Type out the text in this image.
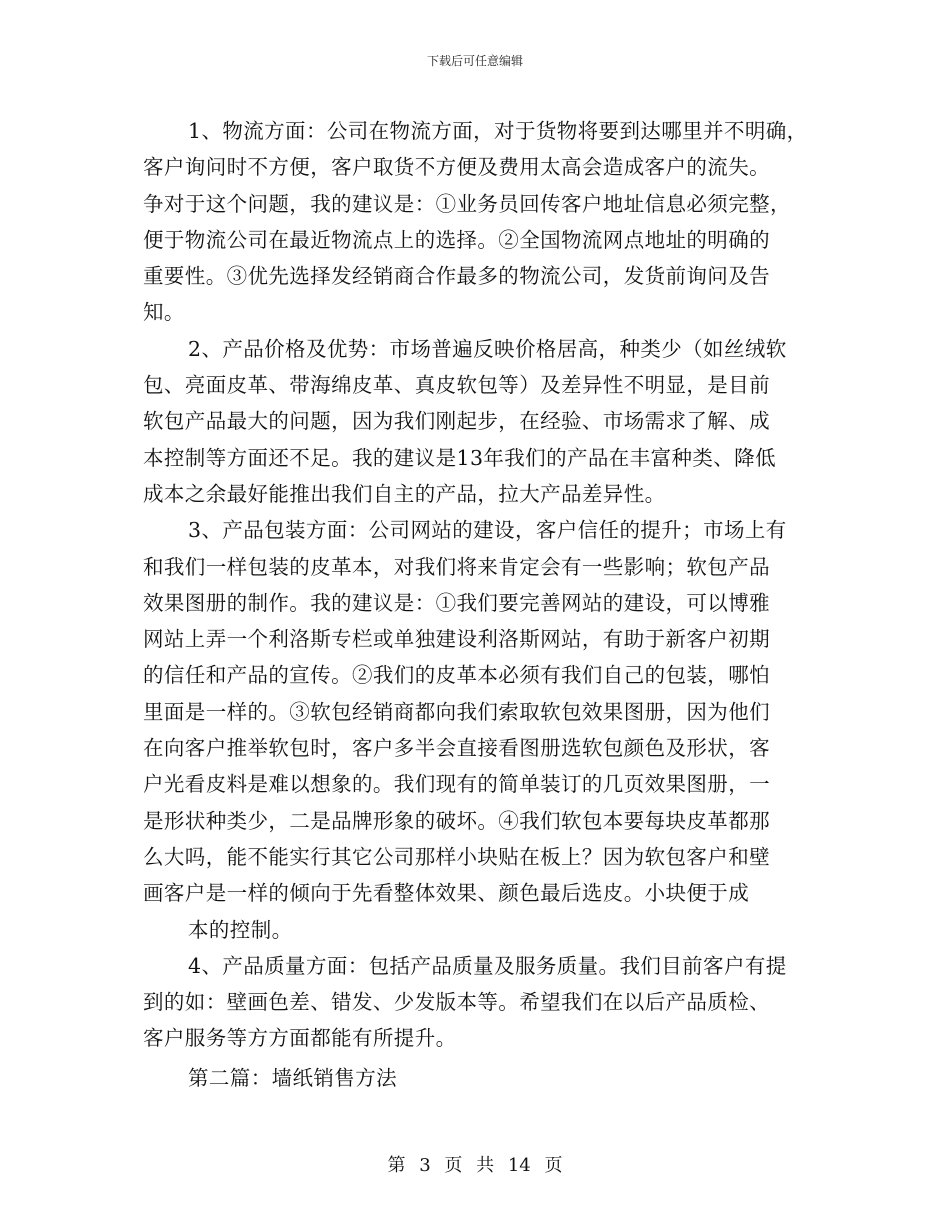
下载后可任意编辑
1、物流方面：公司在物流方面，对于货物将要到达哪里并不明确，
客户询问时不方便，客户取货不方便及费用太高会造成客户的流失。
争对于这个问题，我的建议是：①业务员回传客户地址信息必须完整，
便于物流公司在最近物流点上的选择。②全国物流网点地址的明确的
重要性。③优先选择发经销商合作最多的物流公司，发货前询问及告
知。
2、产品价格及优势：市场普遍反映价格居高，种类少（如丝绒软
包、亮面皮革、带海绵皮革、真皮软包等）及差异性不明显，是目前
软包产品最大的问题，因为我们刚起步，在经验、市场需求了解、成
本控制等方面还不足。我的建议是13年我们的产品在丰富种类、降低
成本之余最好能推出我们自主的产品，拉大产品差异性。
3、产品包装方面：公司网站的建设，客户信任的提升；市场上有
和我们一样包装的皮革本，对我们将来肯定会有一些影响；软包产品
效果图册的制作。我的建议是：①我们要完善网站的建设，可以博雅
网站上弄一个利洛斯专栏或单独建设利洛斯网站，有助于新客户初期
的信任和产品的宣传。②我们的皮革本必须有我们自己的包装，哪怕
里面是一样的。③软包经销商都向我们索取软包效果图册，因为他们
在向客户推举软包时，客户多半会直接看图册选软包颜色及形状，客
户光看皮料是难以想象的。我们现有的简单装订的几页效果图册，一
是形状种类少，二是品牌形象的破坏。④我们软包本要每块皮革都那
么大吗，能不能实行其它公司那样小块贴在板上？因为软包客户和壁
画客户是一样的倾向于先看整体效果、颜色最后选皮。小块便于成
本的控制。
4、产品质量方面：包括产品质量及服务质量。我们目前客户有提
到的如：壁画色差、错发、少发版本等。希望我们在以后产品质检、
客户服务等方方面都能有所提升。
第二篇：墙纸销售方法
第 3 页 共 14 页
